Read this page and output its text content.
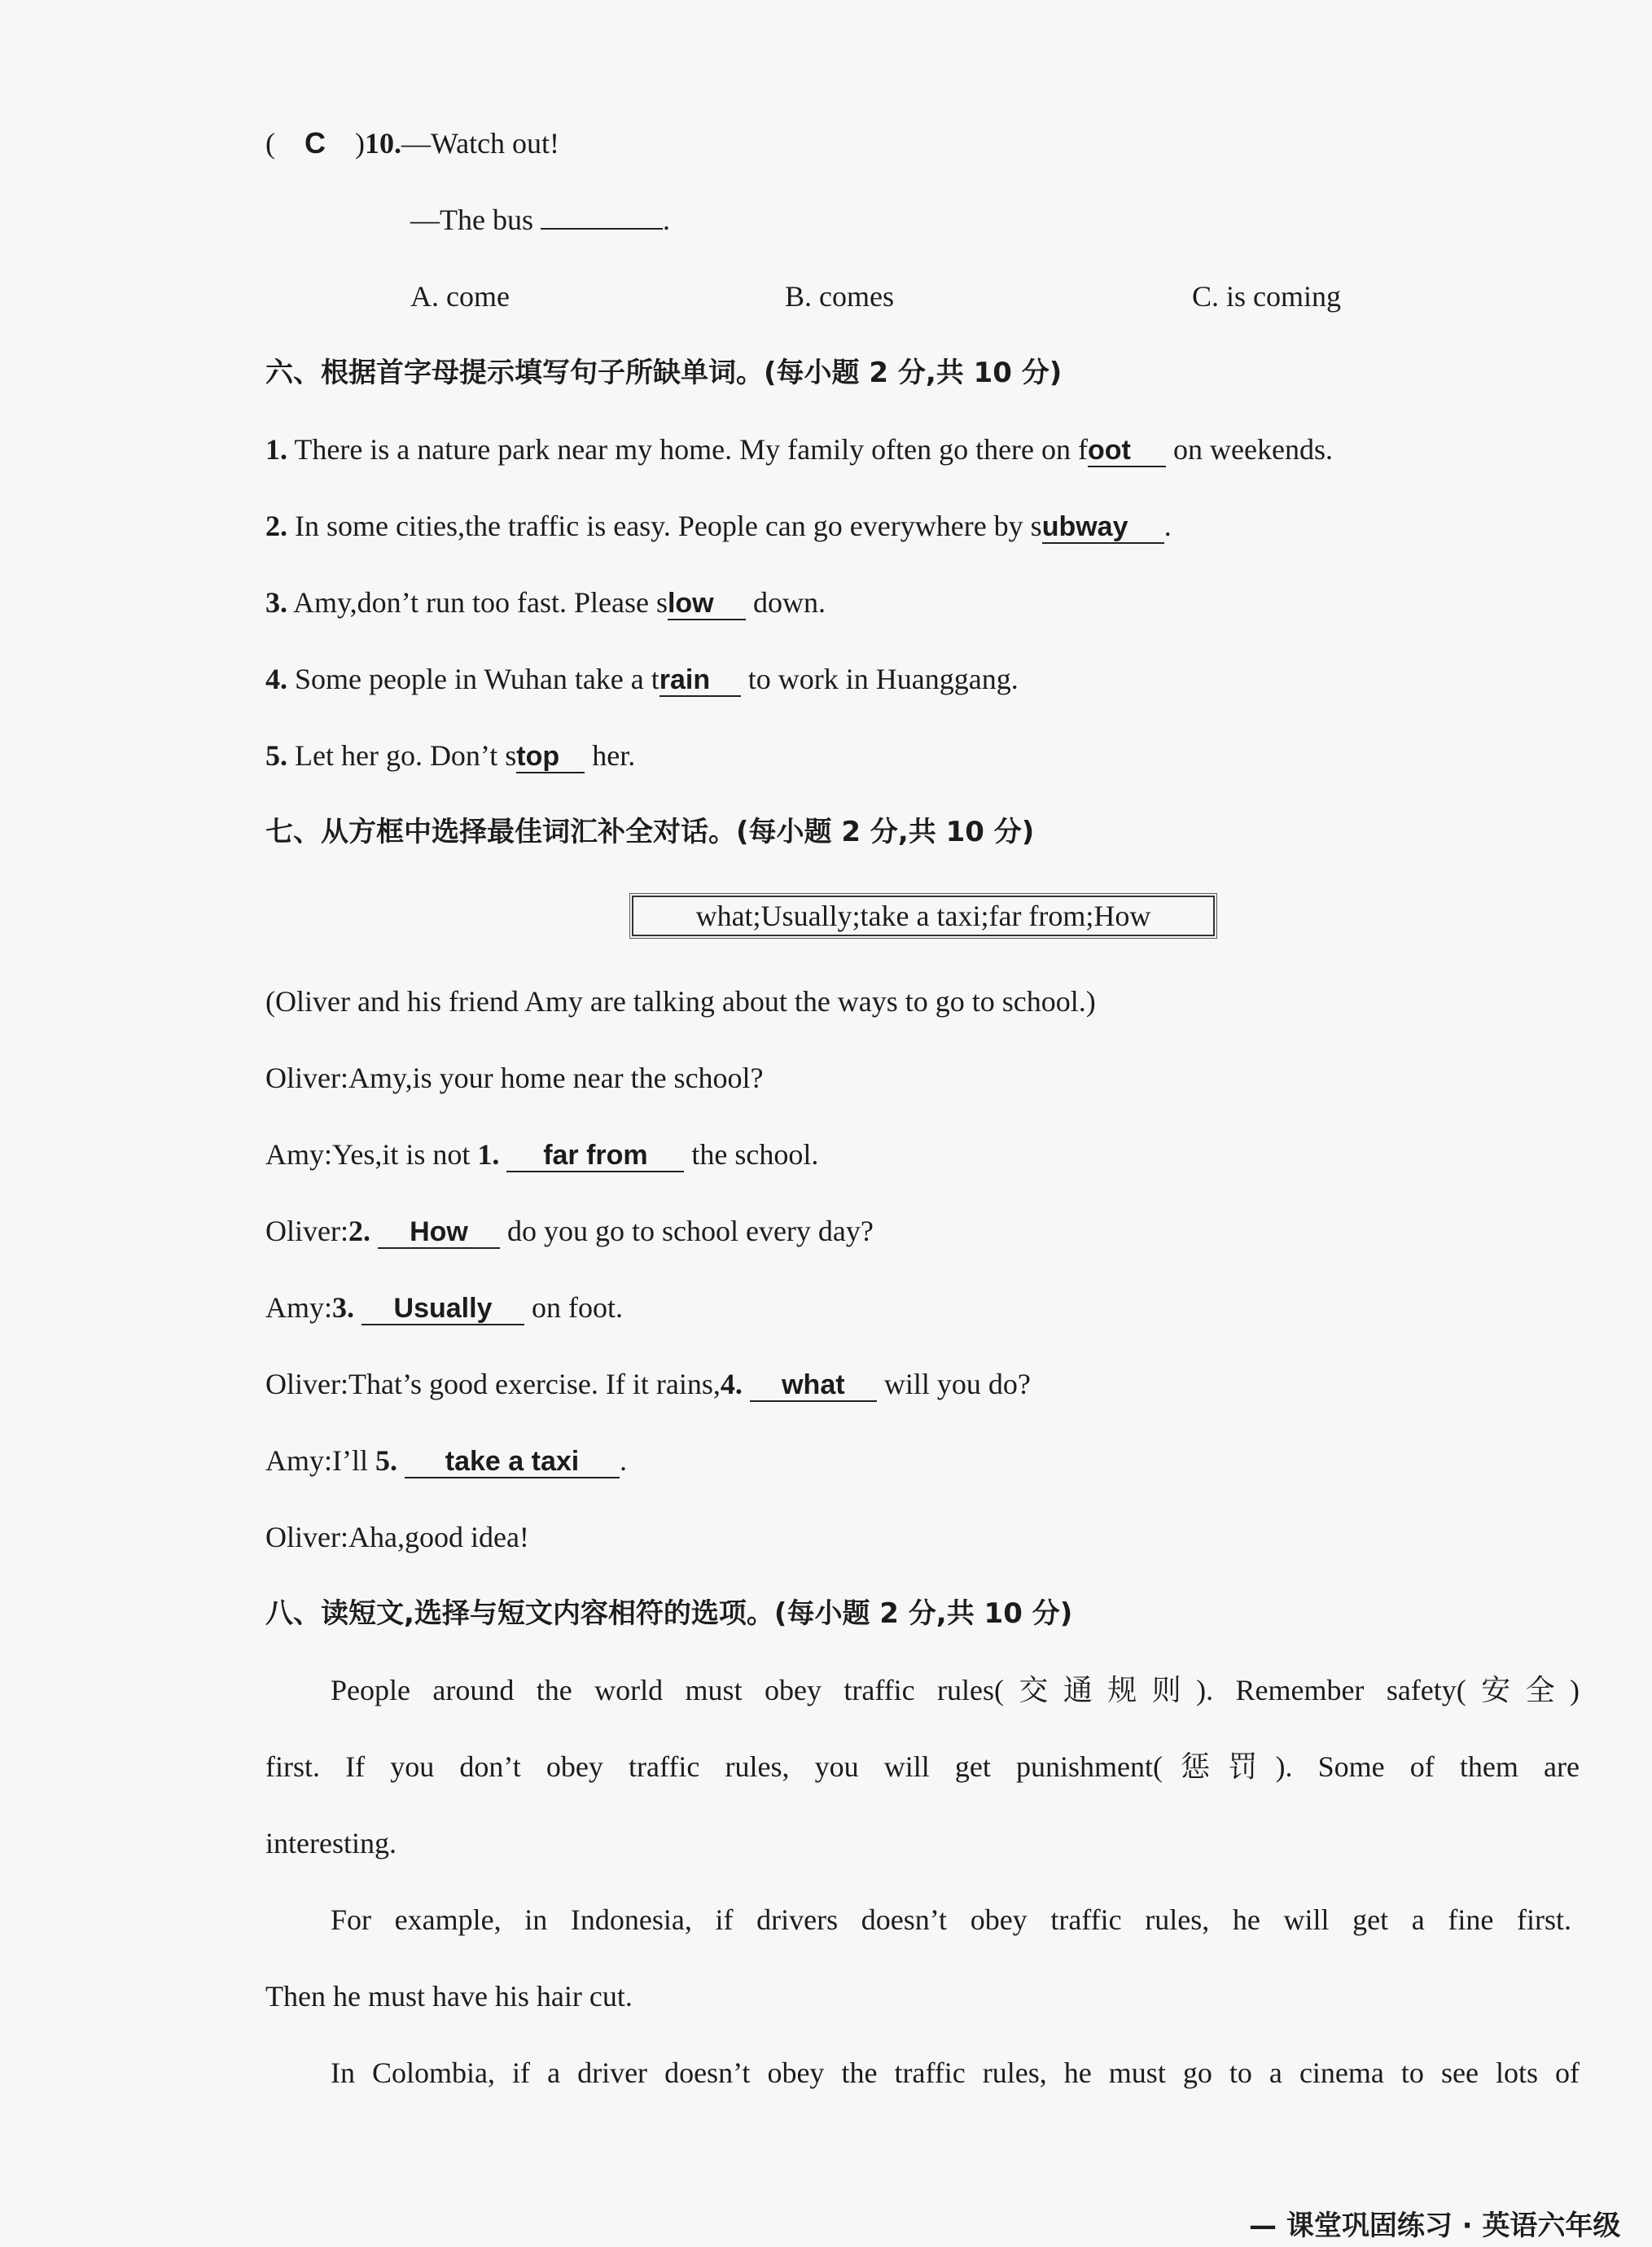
( C )10.—Watch out!
—The bus	.
A. come	B. comes	C. is coming
六、根据首字母提示填写句子所缺单词。(每小题 2 分,共 10 分)
1. There is a nature park near my home. My family often go there on foot on weekends.
2. In some cities,the traffic is easy. People can go everywhere by subway .
3. Amy,don’t run too fast. Please slow down.
4. Some people in Wuhan take a train to work in Huanggang.
5. Let her go. Don’t stop her.
七、从方框中选择最佳词汇补全对话。(每小题 2 分,共 10 分)
what;Usually;take a taxi;far from;How
(Oliver and his friend Amy are talking about the ways to go to school.)
Oliver:Amy,is your home near the school?
Amy:Yes,it is not 1. far from the school.
Oliver:2. How do you go to school every day?
Amy:3. Usually on foot.
Oliver:That’s good exercise. If it rains,4. what will you do?
Amy:I’ll 5. take a taxi .
Oliver:Aha,good idea!
八、读短文,选择与短文内容相符的选项。(每小题 2 分,共 10 分)
People around the world must obey traffic rules(交通规则). Remember safety(安全)
first. If you don’t obey traffic rules, you will get punishment(惩罚). Some of them are
interesting.
For example, in Indonesia, if drivers doesn’t obey traffic rules, he will get a fine first.
Then he must have his hair cut.
In Colombia, if a driver doesn’t obey the traffic rules, he must go to a cinema to see lots of
— 课堂巩固练习 · 英语六年级
